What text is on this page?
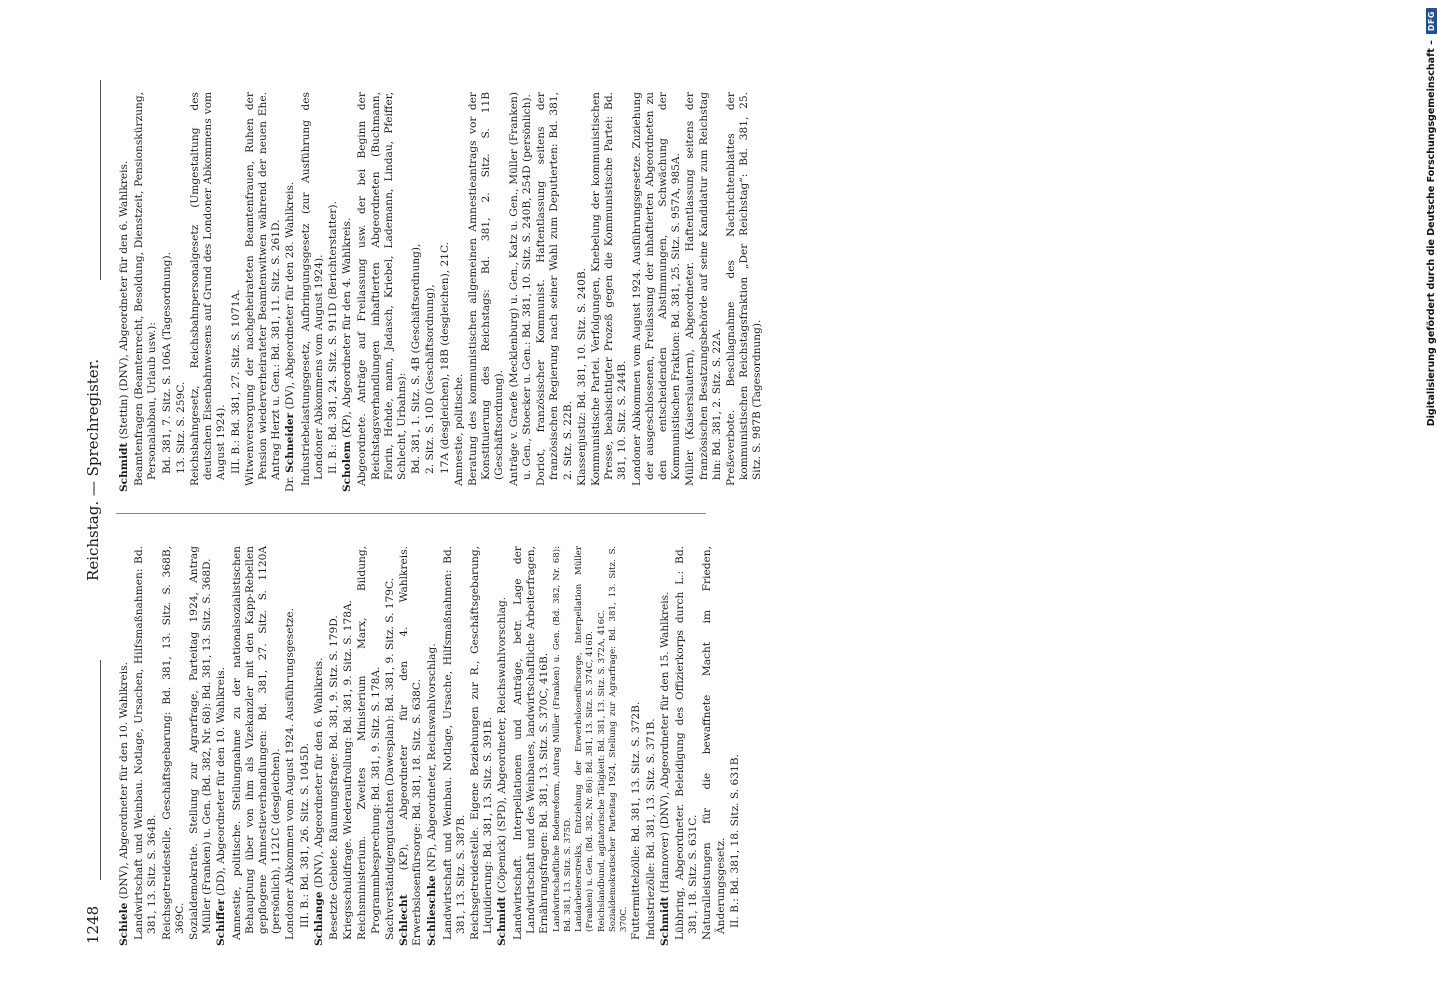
1248
Reichstag. — Sprechregister.
Schiele (DNV), Abgeordneter für den 10. Wahlkreis. Landwirtschaft und Weinbau. Notlage, Ursachen, Hilfsmaßnahmen: Bd. 381, 13. Sitz. S. 364B. Reichsgetreidestelle, Geschäftsgebarung: Bd. 381, 13. Sitz. S. 368B, 369C. Sozialdemokratie. Stellung zur Agrarfrage, Parteitag 1924, Antrag Müller (Franken) u. Gen. (Bd. 382, Nr. 68): Bd. 381, 13. Sitz. S. 368D. Schiffer (DD), Abgeordneter für den 10. Wahlkreis. Amnestie, politische. Stellungnahme zu der nationalsozialistischen Behauptung über von ihm als Vizekanzler mit den Kapp-Rebellen gepflogene Amnestieverhandlungen: Bd. 381, 27. Sitz. S. 1120A (persönlich), 1121C (desgleichen). Londoner Abkommen vom August 1924. Ausführungsgesetze. III. B.: Bd. 381, 26. Sitz. S. 1045D. Schlange (DNV), Abgeordneter für den 6. Wahlkreis. Besetzte Gebiete. Räumungsfrage: Bd. 381, 9. Sitz. S. 179D. Kriegsschuldfrage. Wiederaufrollung: Bd. 381, 9. Sitz. S. 178A. Reichsministerium. Zweites Ministerium Marx, Bildung, Programmbesprechung: Bd. 381, 9. Sitz. S. 178A. Sachverständigengutachten (Dawesplan): Bd. 381, 9. Sitz. S. 179C. Schlecht (KP), Abgeordneter für den 4. Wahlkreis. Erwerbslosenfürsorge: Bd. 381, 18. Sitz. S. 638C. Schlieschke (NF), Abgeordneter, Reichswahlvorschlag. Landwirtschaft und Weinbau. Notlage, Ursache, Hilfsmaßnahmen: Bd. 381, 13. Sitz. S. 387B. Reichsgetreidestelle. Eigene Beziehungen zur R., Geschäftsgebarung, Liquidierung: Bd. 381, 13. Sitz. S. 391B. Schmidt (Cöpenick) (SPD), Abgeordneter, Reichswahlvorschlag. Landwirtschaft. Interpellationen und Anträge, betr. Lage der Landwirtschaft und des Weinbaues, landwirtschaftliche Arbeiterfragen, Ernährungsfragen: Bd. 381, 13. Sitz. S. 370C, 416B. Landwirtschaftliche Bodenreform, Antrag Müller (Franken) u. Gen. (Bd. 382, Nr. 68): Bd. 381, 13. Sitz. S. 375D. Landarbeiterstreiks, Entziehung der Erwerbslosenfürsorge, Interpellation Müller (Franken) u. Gen. (Bd. 382, Nr. 86): Bd. 381, 13. Sitz. S. 374C, 416D. Reichslandbund, agitatorische Tätigkeit: Bd. 381, 13. Sitz. S. 372A, 416C. Sozialdemokratischer Parteitag 1924, Stellung zur Agrarfrage: Bd. 381, 13. Sitz. S. 370C. Futtermittelzölle: Bd. 381, 13. Sitz. S. 372B. Industriezölle: Bd. 381, 13. Sitz. S. 371B. Schmidt (Hannover) (DNV), Abgeordneter für den 15. Wahlkreis. Lübbring, Abgeordneter. Beleidigung des Offizierkorps durch L.: Bd. 381, 18. Sitz. S. 631C. Naturalleistungen für die bewaffnete Macht im Frieden, Änderungsgesetz. II. B.: Bd. 381, 18. Sitz. S. 631B.
Schmidt (Stettin) (DNV), Abgeordneter für den 6. Wahlkreis. Beamtenfragen (Beamtenrecht, Besoldung, Dienstzeit, Pensionskürzung, Personalabbau, Urlaub usw.): Bd. 381, 7. Sitz. S. 106A (Tagesordnung). 13. Sitz. S. 259C. Reichsbahngesetz, Reichsbahnpersonalgesetz (Umgestaltung des deutschen Eisenbahnwesens auf Grund des Londoner Abkommens vom August 1924). III. B.: Bd. 381, 27. Sitz. S. 1071A. Witwenversorgung der nachgeheirateten Beamtenfrauen, Ruhen der Pension wiederverheirateter Beamtenwitwen während der neuen Ehe. Antrag Herzt u. Gen.: Bd. 381, 11. Sitz. S. 261D.
Dr. Schneider (DV), Abgeordneter für den 28. Wahlkreis. Industriebelastungsgesetz, Aufbringungsgesetz (zur Ausführung des Londoner Abkommens vom August 1924). II. B.: Bd. 381, 24. Sitz. S. 911D (Berichterstatter). Scholem (KP), Abgeordneter für den 4. Wahlkreis. Abgeordnete. Anträge auf Freilassung usw. der bei Beginn der Reichstagsverhandlungen inhaftierten Abgeordneten (Buchmann, Florin, Hehde, mann, Jadasch, Kriebel, Lademann, Lindau, Pfeiffer, Schlecht, Urbahns): Bd. 381, 1. Sitz. S. 4B (Geschäftsordnung), 2. Sitz. S. 10D (Geschäftsordnung), 17A (desgleichen), 18B (desgleichen), 21C. Amnestie, politische. Beratung des kommunistischen allgemeinen Amnestieantrags vor der Konstituierung des Reichstags: Bd. 381, 2. Sitz. S. 11B (Geschäftsordnung). Anträge v. Graefe (Mecklenburg) u. Gen., Katz u. Gen., Müller (Franken) u. Gen., Stoecker u. Gen.: Bd. 381, 10. Sitz. S. 240B, 254D (persönlich). Doriot, französischer Kommunist. Haftentlassung seitens der französischen Regierung nach seiner Wahl zum Deputierten: Bd. 381, 2. Sitz. S. 22B. Klassenjustiz: Bd. 381, 10. Sitz. S. 240B. Kommunistische Partei. Verfolgungen, Knebelung der kommunistischen Presse, beabsichtigter Prozeß gegen die Kommunistische Partei: Bd. 381, 10. Sitz. S. 244B. Londoner Abkommen vom August 1924. Ausführungsgesetze. Zuziehung der ausgeschlossenen, Freilassung der inhaftierten Abgeordneten zu den entscheidenden Abstimmungen, Schwächung der Kommunistischen Fraktion: Bd. 381, 25. Sitz. S. 957A, 985A. Müller (Kaiserslautern), Abgeordneter. Haftentlassung seitens der französischen Besatzungsbehörde auf seine Kandidatur zum Reichstag hin: Bd. 381, 2. Sitz. S. 22A. Preßeverbote. Beschlagnahme des Nachrichtenblattes der kommunistischen Reichstagsfraktion „Der Reichstag“: Bd. 381, 25. Sitz. S. 987B (Tagesordnung).	Digitalisierung gefördert durch die Deutsche Forschungsgemeinschaft –
DFG
